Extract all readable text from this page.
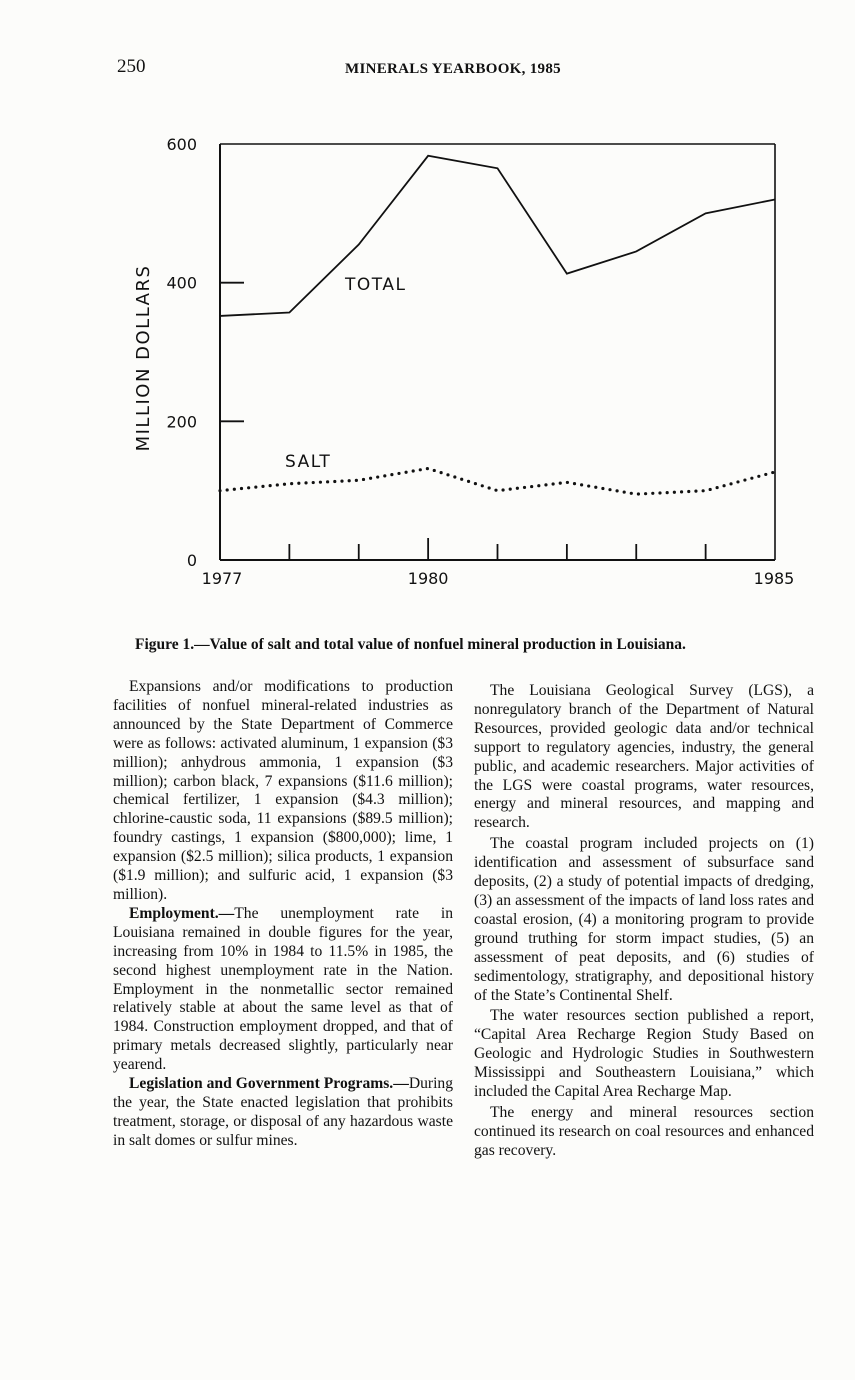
250	MINERALS YEARBOOK, 1985
0
200
400
600
1977	1980	1985
MILLION DOLLARS	TOTAL
SALT
Figure 1.—Value of salt and total value of nonfuel mineral production in Louisiana.

Expansions and/or modifications to production facilities of nonfuel mineral-related industries as announced by the State Department of Commerce were as follows: activated aluminum, 1 expansion ($3 million); anhydrous ammonia, 1 expansion ($3 million); carbon black, 7 expansions ($11.6 million); chemical fertilizer, 1 expansion ($4.3 million); chlorine-caustic soda, 11 expansions ($89.5 million); foundry castings, 1 expansion ($800,000); lime, 1 expansion ($2.5 million); silica products, 1 expansion ($1.9 million); and sulfuric acid, 1 expansion ($3 million).

Employment.—The unemployment rate in Louisiana remained in double figures for the year, increasing from 10% in 1984 to 11.5% in 1985, the second highest unemployment rate in the Nation. Employment in the nonmetallic sector remained relatively stable at about the same level as that of 1984. Construction employment dropped, and that of primary metals decreased slightly, particularly near yearend.

Legislation and Government Programs.—During the year, the State enacted legislation that prohibits treatment, storage, or disposal of any hazardous waste in salt domes or sulfur mines.

The Louisiana Geological Survey (LGS), a nonregulatory branch of the Department of Natural Resources, provided geologic data and/or technical support to regulatory agencies, industry, the general public, and academic researchers. Major activities of the LGS were coastal programs, water resources, energy and mineral resources, and mapping and research.

The coastal program included projects on (1) identification and assessment of subsurface sand deposits, (2) a study of potential impacts of dredging, (3) an assessment of the impacts of land loss rates and coastal erosion, (4) a monitoring program to provide ground truthing for storm impact studies, (5) an assessment of peat deposits, and (6) studies of sedimentology, stratigraphy, and depositional history of the State’s Continental Shelf.

The water resources section published a report, “Capital Area Recharge Region Study Based on Geologic and Hydrologic Studies in Southwestern Mississippi and Southeastern Louisiana,” which included the Capital Area Recharge Map.

The energy and mineral resources section continued its research on coal resources and enhanced gas recovery.
